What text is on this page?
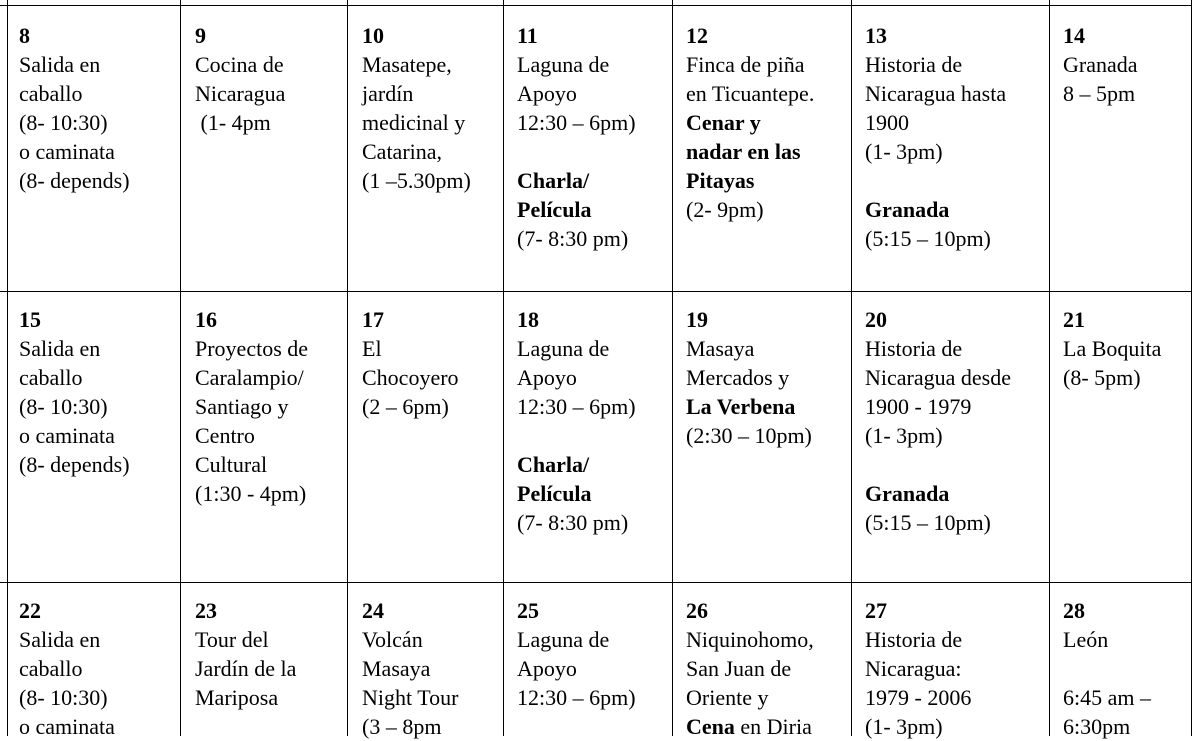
8
Salida en
caballo
(8- 10:30)
o caminata
(8- depends)
9
Cocina de
Nicaragua
(1- 4pm
10
Masatepe,
jardín
medicinal y
Catarina,
(1 –5.30pm)
11
Laguna de
Apoyo
12:30 – 6pm)
Charla/
Película
(7- 8:30 pm)
12
Finca de piña
en Ticuantepe.
Cenar y
nadar en las
Pitayas
(2- 9pm)
13
Historia de
Nicaragua hasta
1900
(1- 3pm)
Granada
(5:15 – 10pm)
14
Granada
8 – 5pm
15
Salida en
caballo
(8- 10:30)
o caminata
(8- depends)
16
Proyectos de
Caralampio/
Santiago y
Centro
Cultural
(1:30 - 4pm)
17
El
Chocoyero
(2 – 6pm)
18
Laguna de
Apoyo
12:30 – 6pm)
Charla/
Película
(7- 8:30 pm)
19
Masaya
Mercados y
La Verbena
(2:30 – 10pm)
20
Historia de
Nicaragua desde
1900 - 1979
(1- 3pm)
Granada
(5:15 – 10pm)
21
La Boquita
(8- 5pm)
22
Salida en
caballo
(8- 10:30)
o caminata
23
Tour del
Jardín de la
Mariposa
24
Volcán
Masaya
Night Tour
(3 – 8pm
25
Laguna de
Apoyo
12:30 – 6pm)
26
Niquinohomo,
San Juan de
Oriente y
Cena en Diria
27
Historia de
Nicaragua:
1979 - 2006
(1- 3pm)
28
León
6:45 am –
6:30pm
